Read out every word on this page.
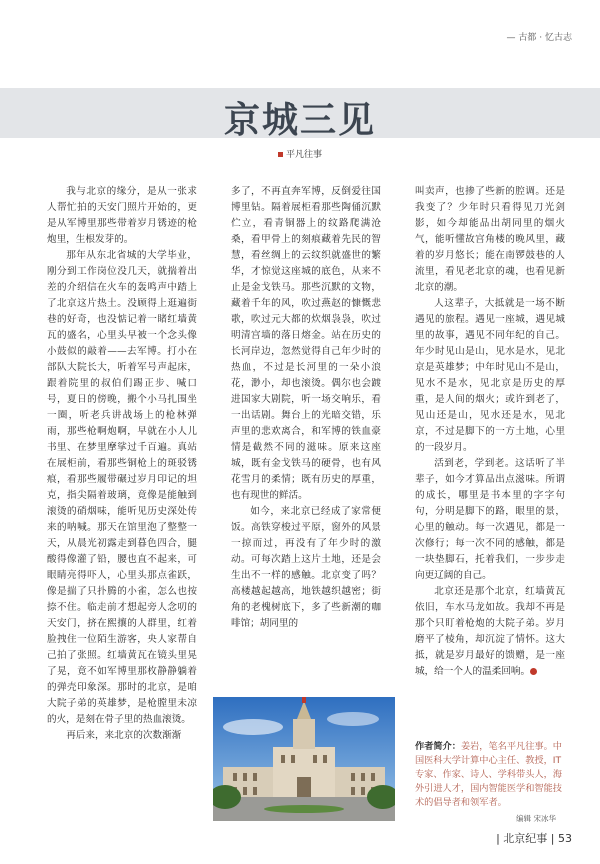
— 古都 · 忆古志
京城三见
平凡往事

我与北京的缘分，是从一张求人帮忙拍的天安门照片开始的，更是从军博里那些带着岁月锈迹的枪炮里，生根发芽的。

那年从东北省城的大学毕业，刚分到工作岗位没几天，就揣着出差的介绍信在火车的轰鸣声中踏上了北京这片热土。没顾得上逛遍街巷的好奇，也没惦记着一睹红墙黄瓦的盛名，心里头早被一个念头像小鼓似的敲着——去军博。打小在部队大院长大，听着军号声起床，跟着院里的叔伯们踢正步、喊口号，夏日的傍晚，搬个小马扎围坐一圈，听老兵讲战场上的枪林弹雨，那些枪啊炮啊，早就在小人儿书里、在梦里摩挲过千百遍。真站在展柜前，看那些铜枪上的斑驳锈痕，看那些履带碾过岁月印记的坦克，指尖隔着玻璃，竟像是能触到滚烫的硝烟味，能听见历史深处传来的呐喊。那天在馆里泡了整整一天，从晨光初露走到暮色四合，腿酸得像灌了铅，腰也直不起来，可眼睛亮得吓人，心里头那点雀跃，像是揣了只扑腾的小雀，怎么也按捺不住。临走前才想起旁人念叨的天安门，挤在熙攘的人群里，红着脸拽住一位陌生游客，央人家帮自己拍了张照。红墙黄瓦在镜头里晃了晃，竟不如军博里那枚静静躺着的弹壳印象深。那时的北京，是咱大院子弟的英雄梦，是枪膛里未凉的火，是刻在骨子里的热血滚烫。

再后来，来北京的次数渐渐

多了，不再直奔军博，反倒爱往国博里钻。隔着展柜看那些陶俑沉默伫立，看青铜器上的纹路爬满沧桑，看甲骨上的刻痕藏着先民的智慧，看丝绸上的云纹织就盛世的繁华，才惊觉这座城的底色，从来不止是金戈铁马。那些沉默的文物，藏着千年的风，吹过燕赵的慷慨悲歌，吹过元大都的炊烟袅袅，吹过明清宫墙的落日熔金。站在历史的长河岸边，忽然觉得自己年少时的热血，不过是长河里的一朵小浪花，渺小，却也滚烫。偶尔也会踱进国家大剧院，听一场交响乐，看一出话剧。舞台上的光暗交错，乐声里的悲欢离合，和军博的铁血豪情是截然不同的滋味。原来这座城，既有金戈铁马的硬骨，也有风花雪月的柔情；既有历史的厚重，也有现世的鲜活。

如今，来北京已经成了家常便饭。高铁穿梭过平原，窗外的风景一掠而过，再没有了年少时的激动。可每次踏上这片土地，还是会生出不一样的感触。北京变了吗？高楼越起越高，地铁越织越密；街角的老槐树底下，多了些新潮的咖啡馆；胡同里的

叫卖声，也掺了些新的腔调。还是我变了？少年时只看得见刀光剑影，如今却能品出胡同里的烟火气，能听懂故宫角楼的晚风里，藏着的岁月悠长；能在南锣鼓巷的人流里，看见老北京的魂，也看见新北京的潮。

人这辈子，大抵就是一场不断遇见的旅程。遇见一座城，遇见城里的故事，遇见不同年纪的自己。年少时见山是山，见水是水，见北京是英雄梦；中年时见山不是山，见水不是水，见北京是历史的厚重，是人间的烟火；或许到老了，见山还是山，见水还是水，见北京，不过是脚下的一方土地，心里的一段岁月。

活到老，学到老。这话听了半辈子，如今才算品出点滋味。所谓的成长，哪里是书本里的字字句句，分明是脚下的路，眼里的景，心里的触动。每一次遇见，都是一次修行；每一次不同的感触，都是一块垫脚石，托着我们，一步步走向更辽阔的自己。

北京还是那个北京，红墙黄瓦依旧，车水马龙如故。我却不再是那个只盯着枪炮的大院子弟。岁月磨平了棱角，却沉淀了情怀。这大抵，就是岁月最好的馈赠，是一座城，给一个人的温柔回响。

作者简介：姜岩，笔名平凡往事。中国医科大学计算中心主任、教授，IT专家、作家、诗人、学科带头人，海外引进人才，国内智能医学和智能技术的倡导者和领军者。
编辑 宋冰华
| 北京纪事 | 53
